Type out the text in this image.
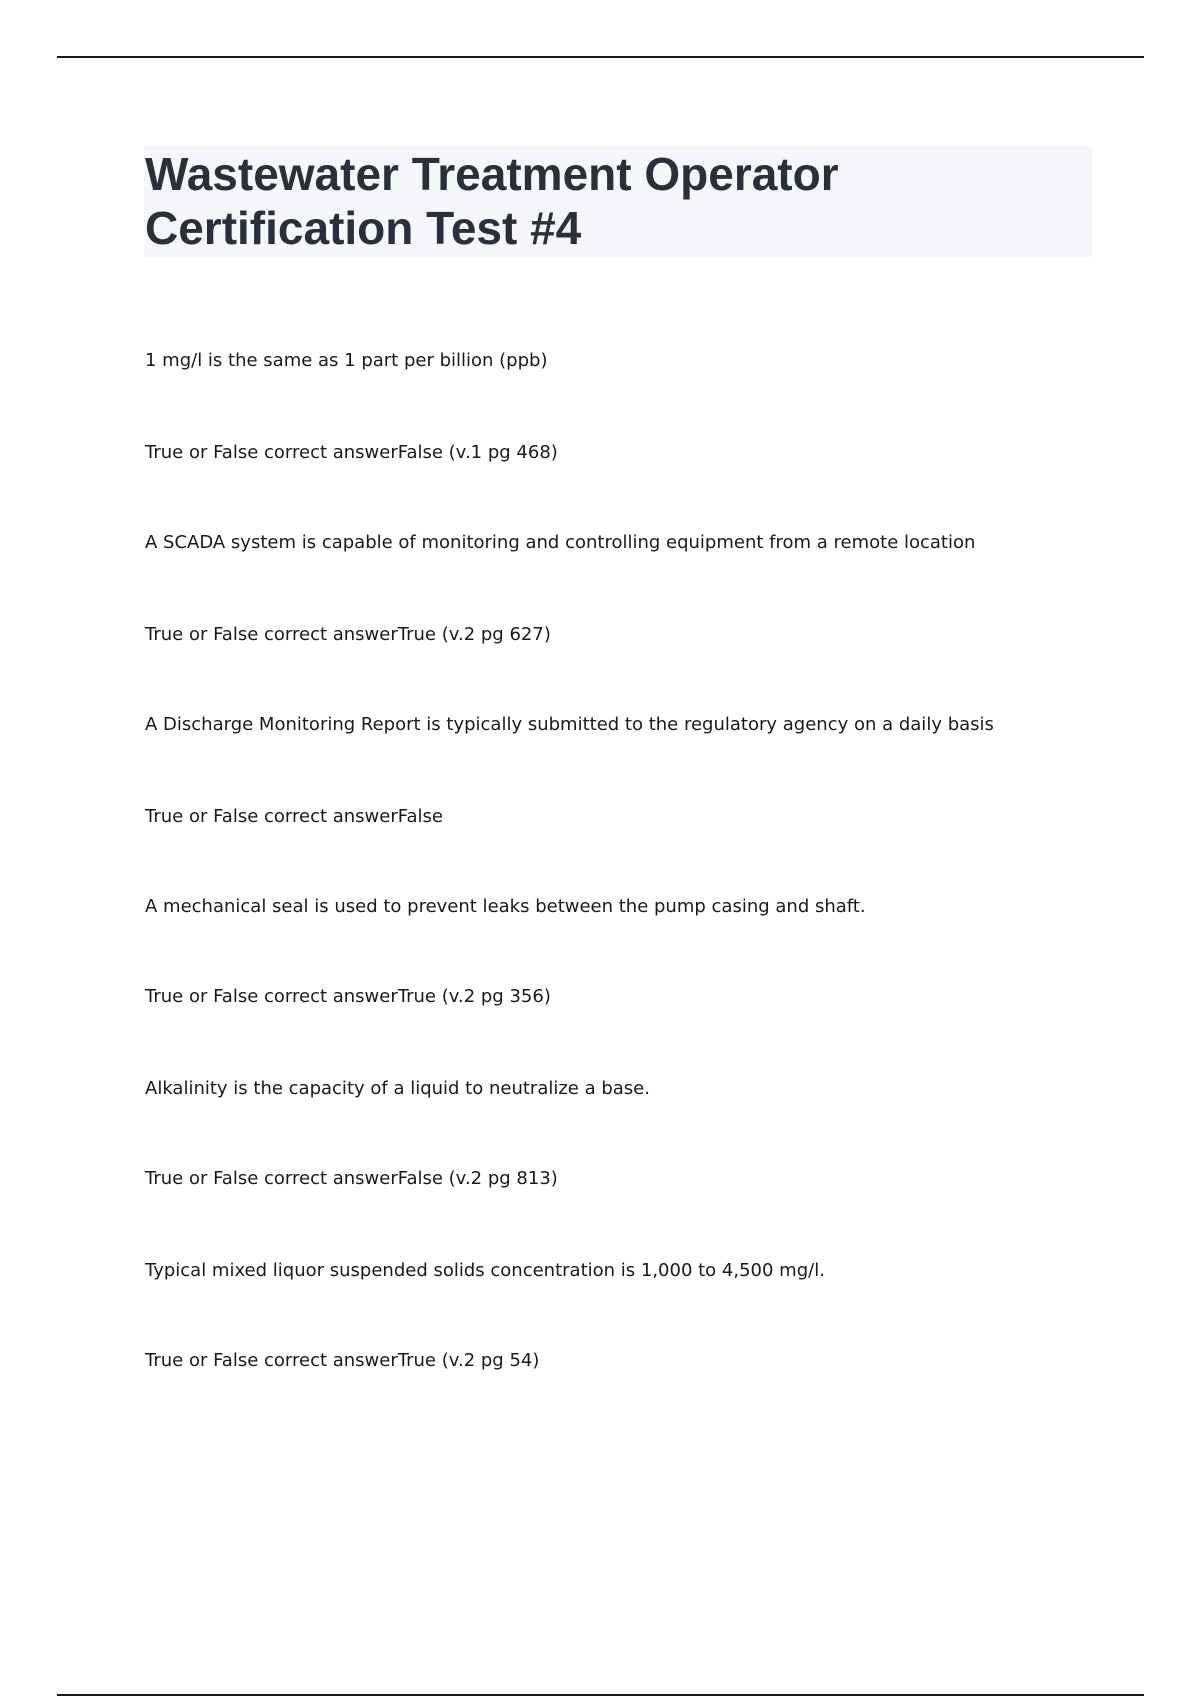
Wastewater Treatment Operator
Certification Test #4

1 mg/l is the same as 1 part per billion (ppb)

True or False correct answerFalse (v.1 pg 468)

A SCADA system is capable of monitoring and controlling equipment from a remote location

True or False correct answerTrue (v.2 pg 627)

A Discharge Monitoring Report is typically submitted to the regulatory agency on a daily basis

True or False correct answerFalse

A mechanical seal is used to prevent leaks between the pump casing and shaft.

True or False correct answerTrue (v.2 pg 356)

Alkalinity is the capacity of a liquid to neutralize a base.

True or False correct answerFalse (v.2 pg 813)

Typical mixed liquor suspended solids concentration is 1,000 to 4,500 mg/l.

True or False correct answerTrue (v.2 pg 54)
